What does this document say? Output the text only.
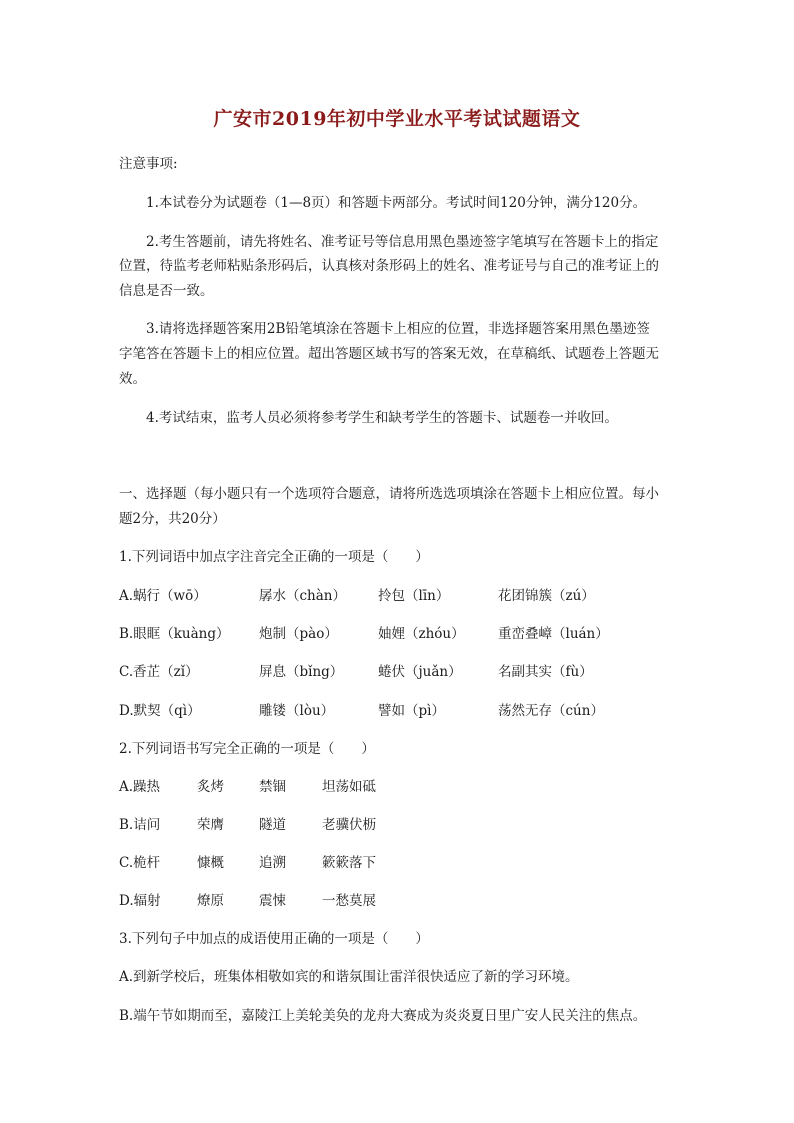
广安市2019年初中学业水平考试试题语文
注意事项:
1.本试卷分为试题卷（1—8页）和答题卡两部分。考试时间120分钟，满分120分。
2.考生答题前，请先将姓名、准考证号等信息用黑色墨迹签字笔填写在答题卡上的指定
位置，待监考老师粘贴条形码后，认真核对条形码上的姓名、准考证号与自己的准考证上的
信息是否一致。
3.请将选择题答案用2B铅笔填涂在答题卡上相应的位置，非选择题答案用黑色墨迹签
字笔答在答题卡上的相应位置。超出答题区域书写的答案无效，在草稿纸、试题卷上答题无
效。
4.考试结束，监考人员必须将参考学生和缺考学生的答题卡、试题卷一并收回。
一、选择题（每小题只有一个选项符合题意，请将所选选项填涂在答题卡上相应位置。每小
题2分，共20分）
1.下列词语中加点字注音完全正确的一项是（　　）
A.蜗行（wō）	孱水（chàn） 拎包（līn）	花团锦簇（zú）
B.眼眶（kuàng） 炮制（pào）	妯娌（zhóu） 重峦叠嶂（luán）
C.香芷（zǐ）	屏息（bǐng）	蜷伏（juǎn）	名副其实（fù）
D.默契（qì）	雕镂（lòu）	譬如（pì）	荡然无存（cún）
2.下列词语书写完全正确的一项是（　　）
A.躁热	炙烤	禁锢	坦荡如砥
B.诘问	荣膺	隧道	老骥伏枥
C.桅杆	慷概	追溯	簌簌落下
D.辐射	燎原	震悚	一愁莫展
3.下列句子中加点的成语使用正确的一项是（　　）
A.到新学校后，班集体相敬如宾的和谐氛围让雷洋很快适应了新的学习环境。
B.端午节如期而至，嘉陵江上美轮美奂的龙舟大赛成为炎炎夏日里广安人民关注的焦点。
